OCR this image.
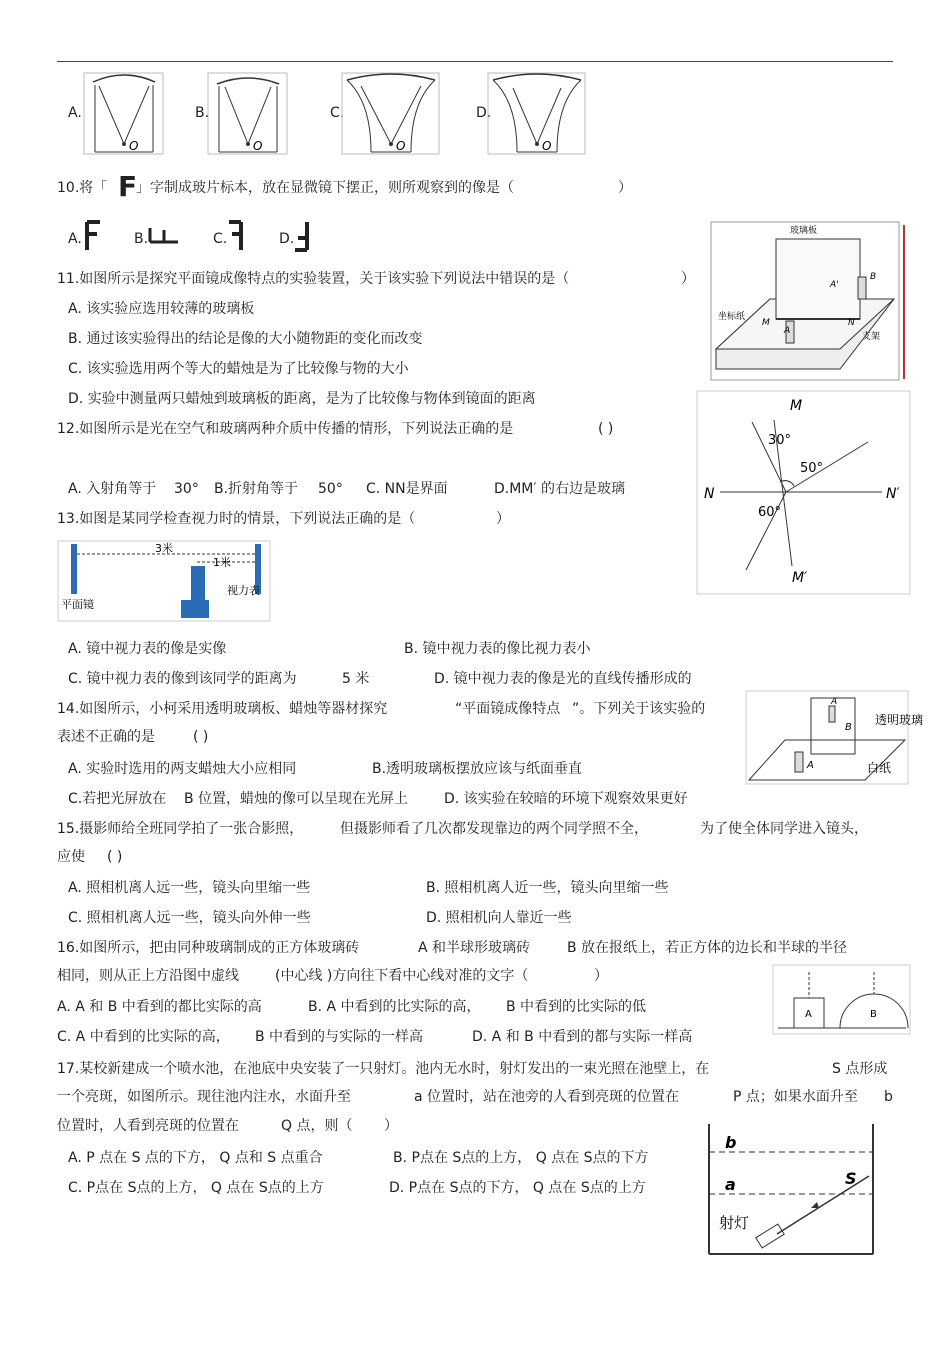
A.	B.	C.	D.
O	O	O	O
10.将「 F
」字制成玻片标本，放在显微镜下摆正，则所观察到的像是（	）
A.	B.	C.	D.
11.如图所示是探究平面镜成像特点的实验装置，关于该实验下列说法中错误的是（	）
A. 该实验应选用较薄的玻璃板
B. 通过该实验得出的结论是像的大小随物距的变化而改变
C. 该实验选用两个等大的蜡烛是为了比较像与物的大小
D. 实验中测量两只蜡烛到玻璃板的距离，是为了比较像与物体到镜面的距离
玻璃板
坐标纸
支架
B
A
A'
M	N
12.如图所示是光在空气和玻璃两种介质中传播的情形，下列说法正确的是	( )
A. 入射角等于 30° B.折射角等于 50° C. NN是界面	D.MM′ 的右边是玻璃
M
M′
N	N′
30°
50°
60°
13.如图是某同学检查视力时的情景，下列说法正确的是（	）
3米
1米
平面镜
视力表
A. 镜中视力表的像是实像	B. 镜中视力表的像比视力表小
C. 镜中视力表的像到该同学的距离为	5 米	D. 镜中视力表的像是光的直线传播形成的
14.如图所示，小柯采用透明玻璃板、蜡烛等器材探究	“平面镜成像特点 ”。下列关于该实验的
表述不正确的是	( )
A. 实验时选用的两支蜡烛大小应相同	B.透明玻璃板摆放应该与纸面垂直
C.若把光屏放在 B 位置，蜡烛的像可以呈现在光屏上	D. 该实验在较暗的环境下观察效果更好
A
B
A
透明玻璃
白纸
15.摄影师给全班同学拍了一张合影照，	但摄影师看了几次都发现靠边的两个同学照不全，	为了使全体同学进入镜头，
应使 ( )
A. 照相机离人远一些，镜头向里缩一些	B. 照相机离人近一些，镜头向里缩一些
C. 照相机离人远一些，镜头向外伸一些	D. 照相机向人靠近一些
16.如图所示，把由同种玻璃制成的正方体玻璃砖	A 和半球形玻璃砖	B 放在报纸上，若正方体的边长和半球的半径
相同，则从正上方沿图中虚线	(中心线 )方向往下看中心线对准的文字（	）
A. A 和 B 中看到的都比实际的高	B. A 中看到的比实际的高， B 中看到的比实际的低
C. A 中看到的比实际的高， B 中看到的与实际的一样高	D. A 和 B 中看到的都与实际一样高
A	B
17.某校新建成一个喷水池，在池底中央安装了一只射灯。池内无水时，射灯发出的一束光照在池壁上，在	S 点形成
一个亮斑，如图所示。现往池内注水，水面升至	a 位置时，站在池旁的人看到亮斑的位置在	P 点；如果水面升至 b
位置时，人看到亮斑的位置在	Q 点，则（ ）
A. P 点在 S 点的下方， Q 点和 S 点重合	B. P点在 S点的上方， Q 点在 S点的下方
C. P点在 S点的上方， Q 点在 S点的上方	D. P点在 S点的下方， Q 点在 S点的上方
b
a	S
射灯
